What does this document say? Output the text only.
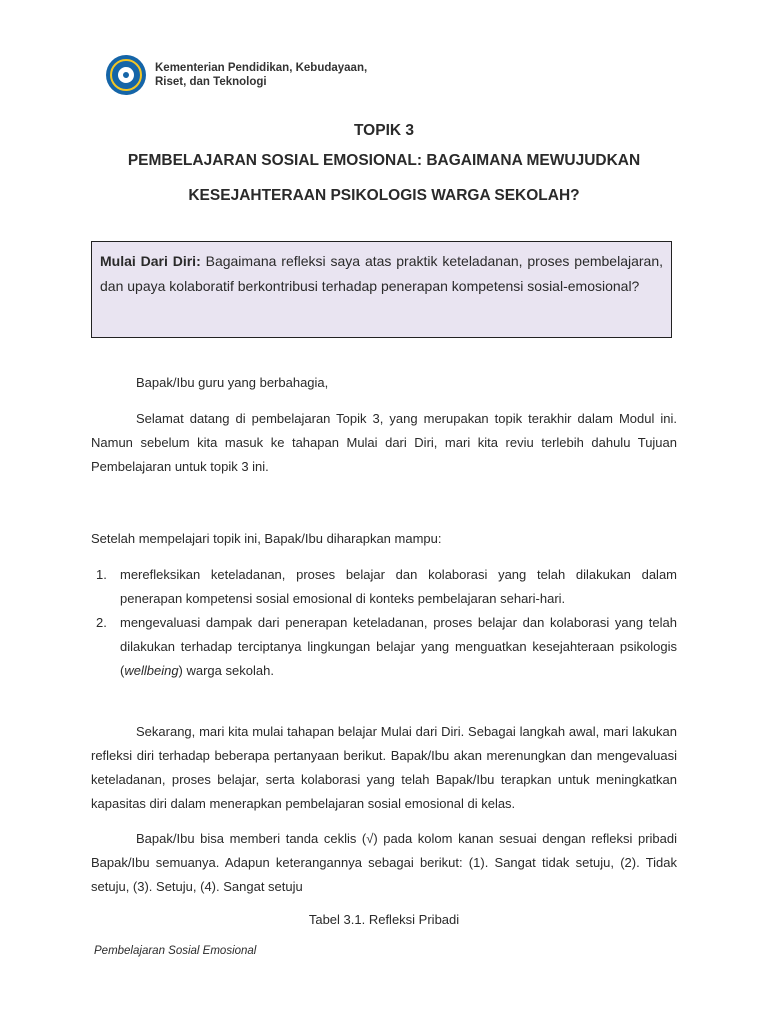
Kementerian Pendidikan, Kebudayaan,
Riset, dan Teknologi
TOPIK 3
PEMBELAJARAN SOSIAL EMOSIONAL: BAGAIMANA MEWUJUDKAN
KESEJAHTERAAN PSIKOLOGIS WARGA SEKOLAH?
Mulai Dari Diri: Bagaimana refleksi saya atas praktik keteladanan, proses pembelajaran, dan upaya kolaboratif berkontribusi terhadap penerapan kompetensi sosial-emosional?
Bapak/Ibu guru yang berbahagia,
Selamat datang di pembelajaran Topik 3, yang merupakan topik terakhir dalam Modul ini. Namun sebelum kita masuk ke tahapan Mulai dari Diri, mari kita reviu terlebih dahulu Tujuan Pembelajaran untuk topik 3 ini.
Setelah mempelajari topik ini, Bapak/Ibu diharapkan mampu:
1.	merefleksikan keteladanan, proses belajar dan kolaborasi yang telah dilakukan dalam penerapan kompetensi sosial emosional di konteks pembelajaran sehari-hari.
2.	mengevaluasi dampak dari penerapan keteladanan, proses belajar dan kolaborasi yang telah dilakukan terhadap terciptanya lingkungan belajar yang menguatkan kesejahteraan psikologis (wellbeing) warga sekolah.
Sekarang, mari kita mulai tahapan belajar Mulai dari Diri. Sebagai langkah awal, mari lakukan refleksi diri terhadap beberapa pertanyaan berikut. Bapak/Ibu akan merenungkan dan mengevaluasi keteladanan, proses belajar, serta kolaborasi yang telah Bapak/Ibu terapkan untuk meningkatkan kapasitas diri dalam menerapkan pembelajaran sosial emosional di kelas.
Bapak/Ibu bisa memberi tanda ceklis (√) pada kolom kanan sesuai dengan refleksi pribadi Bapak/Ibu semuanya. Adapun keterangannya sebagai berikut: (1). Sangat tidak setuju, (2). Tidak setuju, (3). Setuju, (4). Sangat setuju
Tabel 3.1. Refleksi Pribadi
Pembelajaran Sosial Emosional
